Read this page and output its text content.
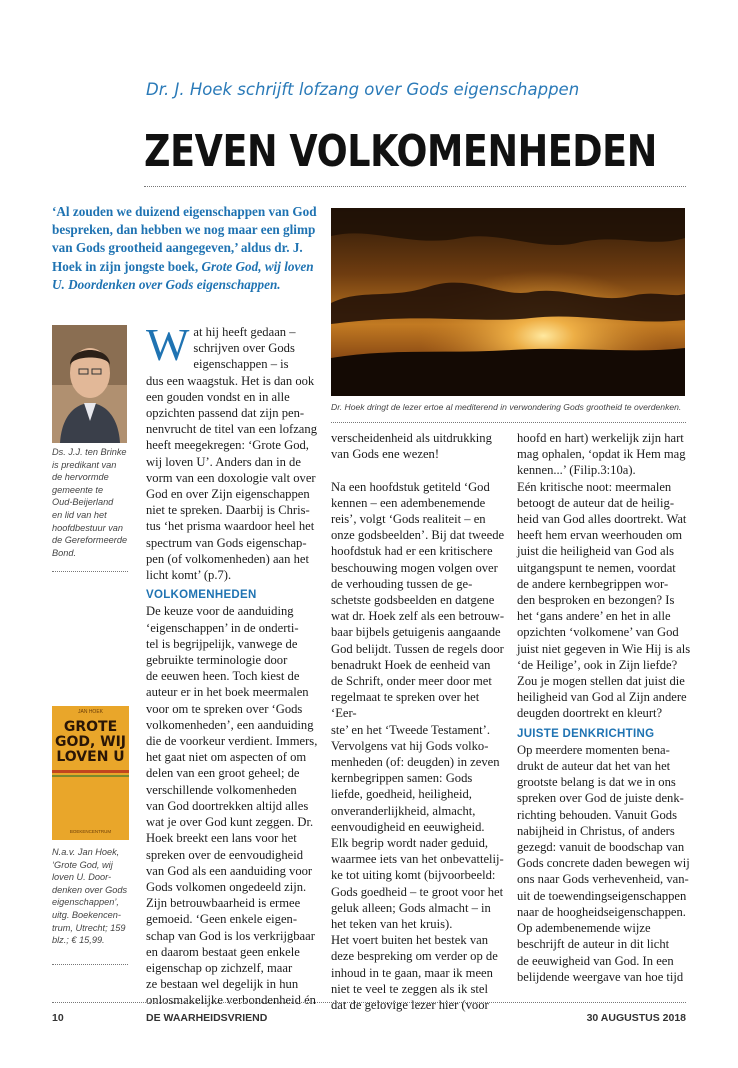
Dr. J. Hoek schrijft lofzang over Gods eigenschappen
ZEVEN VOLKOMENHEDEN
‘Al zouden we duizend eigenschappen van God bespreken, dan hebben we nog maar een glimp van Gods grootheid aangegeven,’ aldus dr. J. Hoek in zijn jongste boek, Grote God, wij loven U. Doordenken over Gods eigenschappen.
Dr. Hoek dringt de lezer ertoe al mediterend in verwondering Gods grootheid te overdenken.
Ds. J.J. ten Brinke
is predikant van
de hervormde
gemeente te
Oud-Beijerland
en lid van het
hoofdbestuur van
de Gereformeerde
Bond.
JAN HOEK
GROTE
GOD, WIJ
LOVEN U
BOEKENCENTRUM
N.a.v. Jan Hoek,
‘Grote God, wij
loven U. Door-
denken over Gods
eigenschappen’,
uitg. Boekencen-
trum, Utrecht; 159
blz.; € 15,99.
W at hij heeft gedaan –
schrijven over Gods
eigenschappen – is
dus een waagstuk. Het is dan ook
een gouden vondst en in alle
opzichten passend dat zijn pen-
nenvrucht de titel van een lofzang
heeft meegekregen: ‘Grote God,
wij loven U’. Anders dan in de
vorm van een doxologie valt over
God en over Zijn eigenschappen
niet te spreken. Daarbij is Chris-
tus ‘het prisma waardoor heel het
spectrum van Gods eigenschap-
pen (of volkomenheden) aan het
licht komt’ (p.7).
VOLKOMENHEDEN
De keuze voor de aanduiding
‘eigenschappen’ in de onderti-
tel is begrijpelijk, vanwege de
gebruikte terminologie door
de eeuwen heen. Toch kiest de
auteur er in het boek meermalen
voor om te spreken over ‘Gods
volkomenheden’, een aanduiding
die de voorkeur verdient. Immers,
het gaat niet om aspecten of om
delen van een groot geheel; de
verschillende volkomenheden
van God doortrekken altijd alles
wat je over God kunt zeggen. Dr.
Hoek breekt een lans voor het
spreken over de eenvoudigheid
van God als een aanduiding voor
Gods volkomen ongedeeld zijn.
Zijn betrouwbaarheid is ermee
gemoeid. ‘Geen enkele eigen-
schap van God is los verkrijgbaar
en daarom bestaat geen enkele
eigenschap op zichzelf, maar
ze bestaan wel degelijk in hun
onlosmakelijke verbondenheid én
verscheidenheid als uitdrukking
van Gods ene wezen!
Na een hoofdstuk getiteld ‘God
kennen – een adembenemende
reis’, volgt ‘Gods realiteit – en
onze godsbeelden’. Bij dat tweede
hoofdstuk had er een kritischere
beschouwing mogen volgen over
de verhouding tussen de ge-
schetste godsbeelden en datgene
wat dr. Hoek zelf als een betrouw-
baar bijbels getuigenis aangaande
God belijdt. Tussen de regels door
benadrukt Hoek de eenheid van
de Schrift, onder meer door met
regelmaat te spreken over het ‘Eer-
ste’ en het ‘Tweede Testament’.
Vervolgens vat hij Gods volko-
menheden (of: deugden) in zeven
kernbegrippen samen: Gods
liefde, goedheid, heiligheid,
onveranderlijkheid, almacht,
eenvoudigheid en eeuwigheid.
Elk begrip wordt nader geduid,
waarmee iets van het onbevattelij-
ke tot uiting komt (bijvoorbeeld:
Gods goedheid – te groot voor het
geluk alleen; Gods almacht – in
het teken van het kruis).
Het voert buiten het bestek van
deze bespreking om verder op de
inhoud in te gaan, maar ik meen
niet te veel te zeggen als ik stel
dat de gelovige lezer hier (voor
hoofd en hart) werkelijk zijn hart
mag ophalen, ‘opdat ik Hem mag
kennen...’ (Filip.3:10a).
Eén kritische noot: meermalen
betoogt de auteur dat de heilig-
heid van God alles doortrekt. Wat
heeft hem ervan weerhouden om
juist die heiligheid van God als
uitgangspunt te nemen, voordat
de andere kernbegrippen wor-
den besproken en bezongen? Is
het ‘gans andere’ en het in alle
opzichten ‘volkomene’ van God
juist niet gegeven in Wie Hij is als
‘de Heilige’, ook in Zijn liefde?
Zou je mogen stellen dat juist die
heiligheid van God al Zijn andere
deugden doortrekt en kleurt?
JUISTE DENKRICHTING
Op meerdere momenten bena-
drukt de auteur dat het van het
grootste belang is dat we in ons
spreken over God de juiste denk-
richting behouden. Vanuit Gods
nabijheid in Christus, of anders
gezegd: vanuit de boodschap van
Gods concrete daden bewegen wij
ons naar Gods verhevenheid, van-
uit de toewendingseigenschappen
naar de hoogheidseigenschappen.
Op adembenemende wijze
beschrijft de auteur in dit licht
de eeuwigheid van God. In een
belijdende weergave van hoe tijd
10	DE WAARHEIDSVRIEND	30 AUGUSTUS 2018
